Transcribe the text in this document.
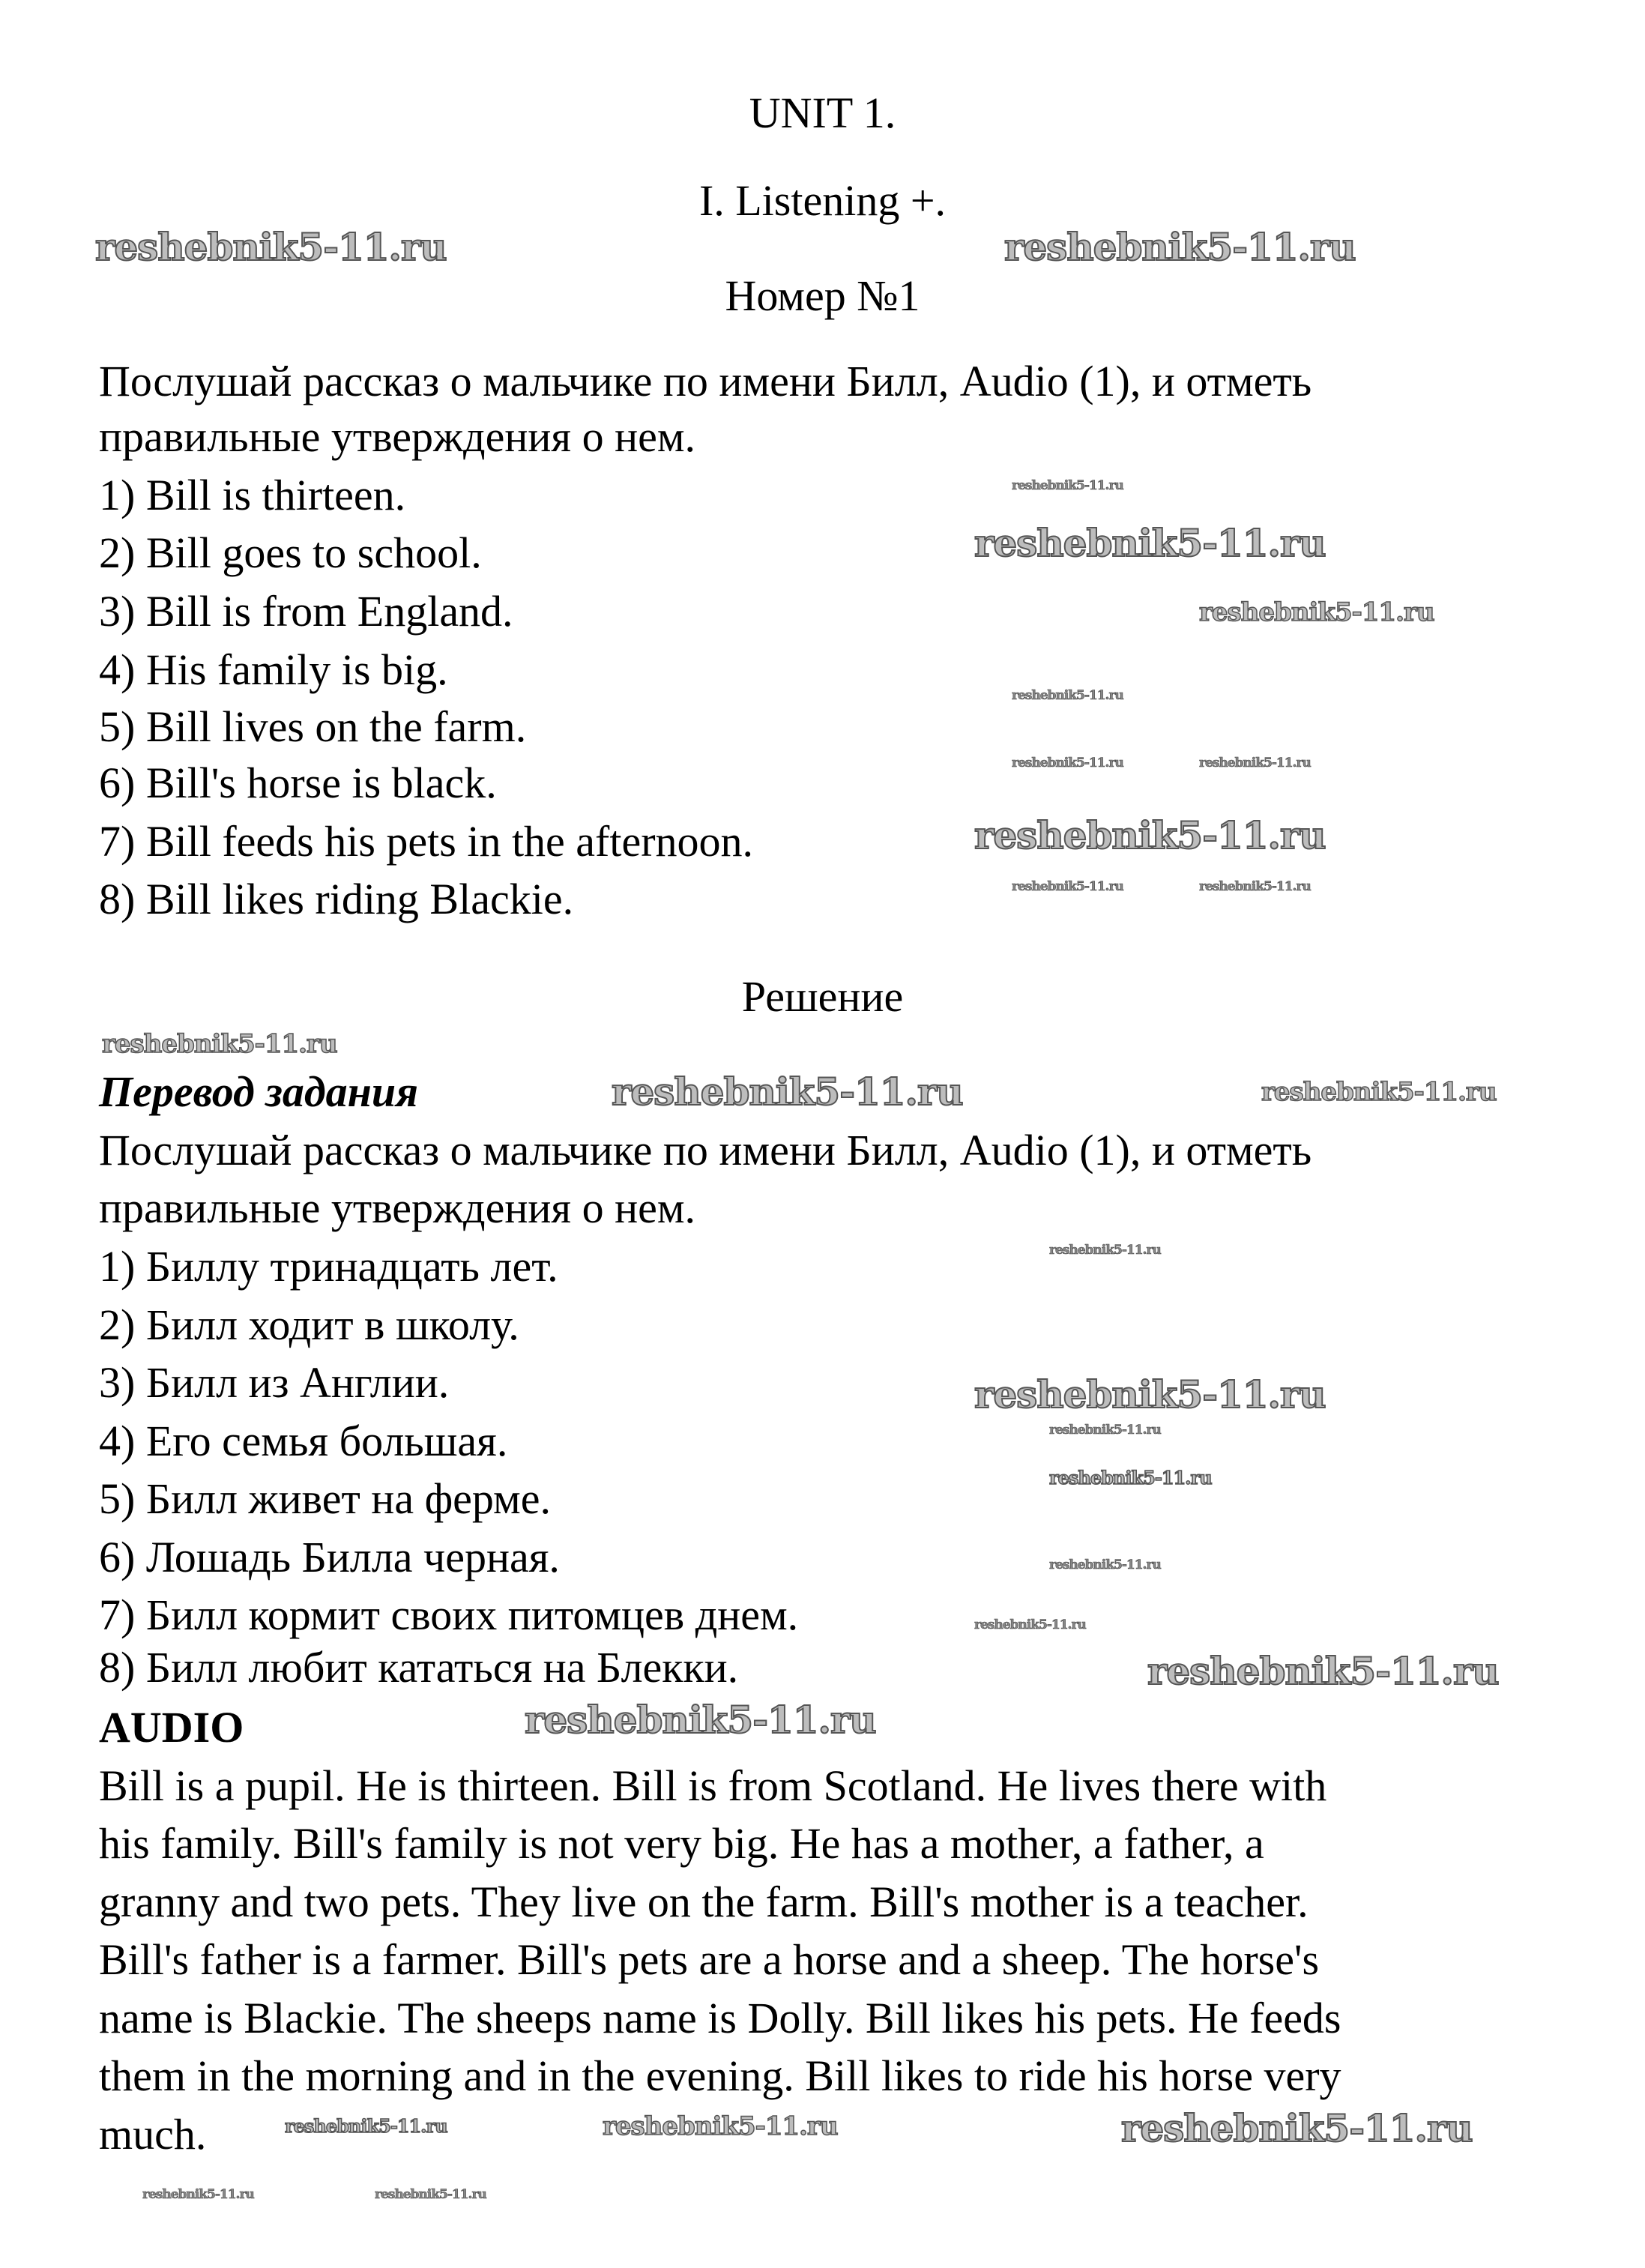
UNIT 1.
I. Listening +.
Номер №1
Послушай рассказ о мальчике по имени Билл, Audio (1), и отметь
правильные утверждения о нем.
1) Bill is thirteen.
2) Bill goes to school.
3) Bill is from England.
4) His family is big.
5) Bill lives on the farm.
6) Bill's horse is black.
7) Bill feeds his pets in the afternoon.
8) Bill likes riding Blackie.
Решение
Перевод задания
Послушай рассказ о мальчике по имени Билл, Audio (1), и отметь
правильные утверждения о нем.
1) Биллу тринадцать лет.
2) Билл ходит в школу.
3) Билл из Англии.
4) Его семья большая.
5) Билл живет на ферме.
6) Лошадь Билла черная.
7) Билл кормит своих питомцев днем.
8) Билл любит кататься на Блекки.
AUDIO
Bill is a pupil. He is thirteen. Bill is from Scotland. He lives there with
his family. Bill's family is not very big. He has a mother, a father, a
granny and two pets. They live on the farm. Bill's mother is a teacher.
Bill's father is a farmer. Bill's pets are a horse and a sheep. The horse's
name is Blackie. The sheeps name is Dolly. Bill likes his pets. He feeds
them in the morning and in the evening. Bill likes to ride his horse very
much.
reshebnik5-11.ru	reshebnik5-11.ru
reshebnik5-11.ru
reshebnik5-11.ru
reshebnik5-11.ru
reshebnik5-11.ru
reshebnik5-11.ru
reshebnik5-11.ru
reshebnik5-11.ru
reshebnik5-11.ru
reshebnik5-11.ru
reshebnik5-11.ru
reshebnik5-11.ru
reshebnik5-11.ru
reshebnik5-11.ru
reshebnik5-11.ru	reshebnik5-11.ru
reshebnik5-11.ru	reshebnik5-11.ru
reshebnik5-11.ru
reshebnik5-11.ru
reshebnik5-11.ru
reshebnik5-11.ru
reshebnik5-11.ru
reshebnik5-11.ru	reshebnik5-11.ru
reshebnik5-11.ru
